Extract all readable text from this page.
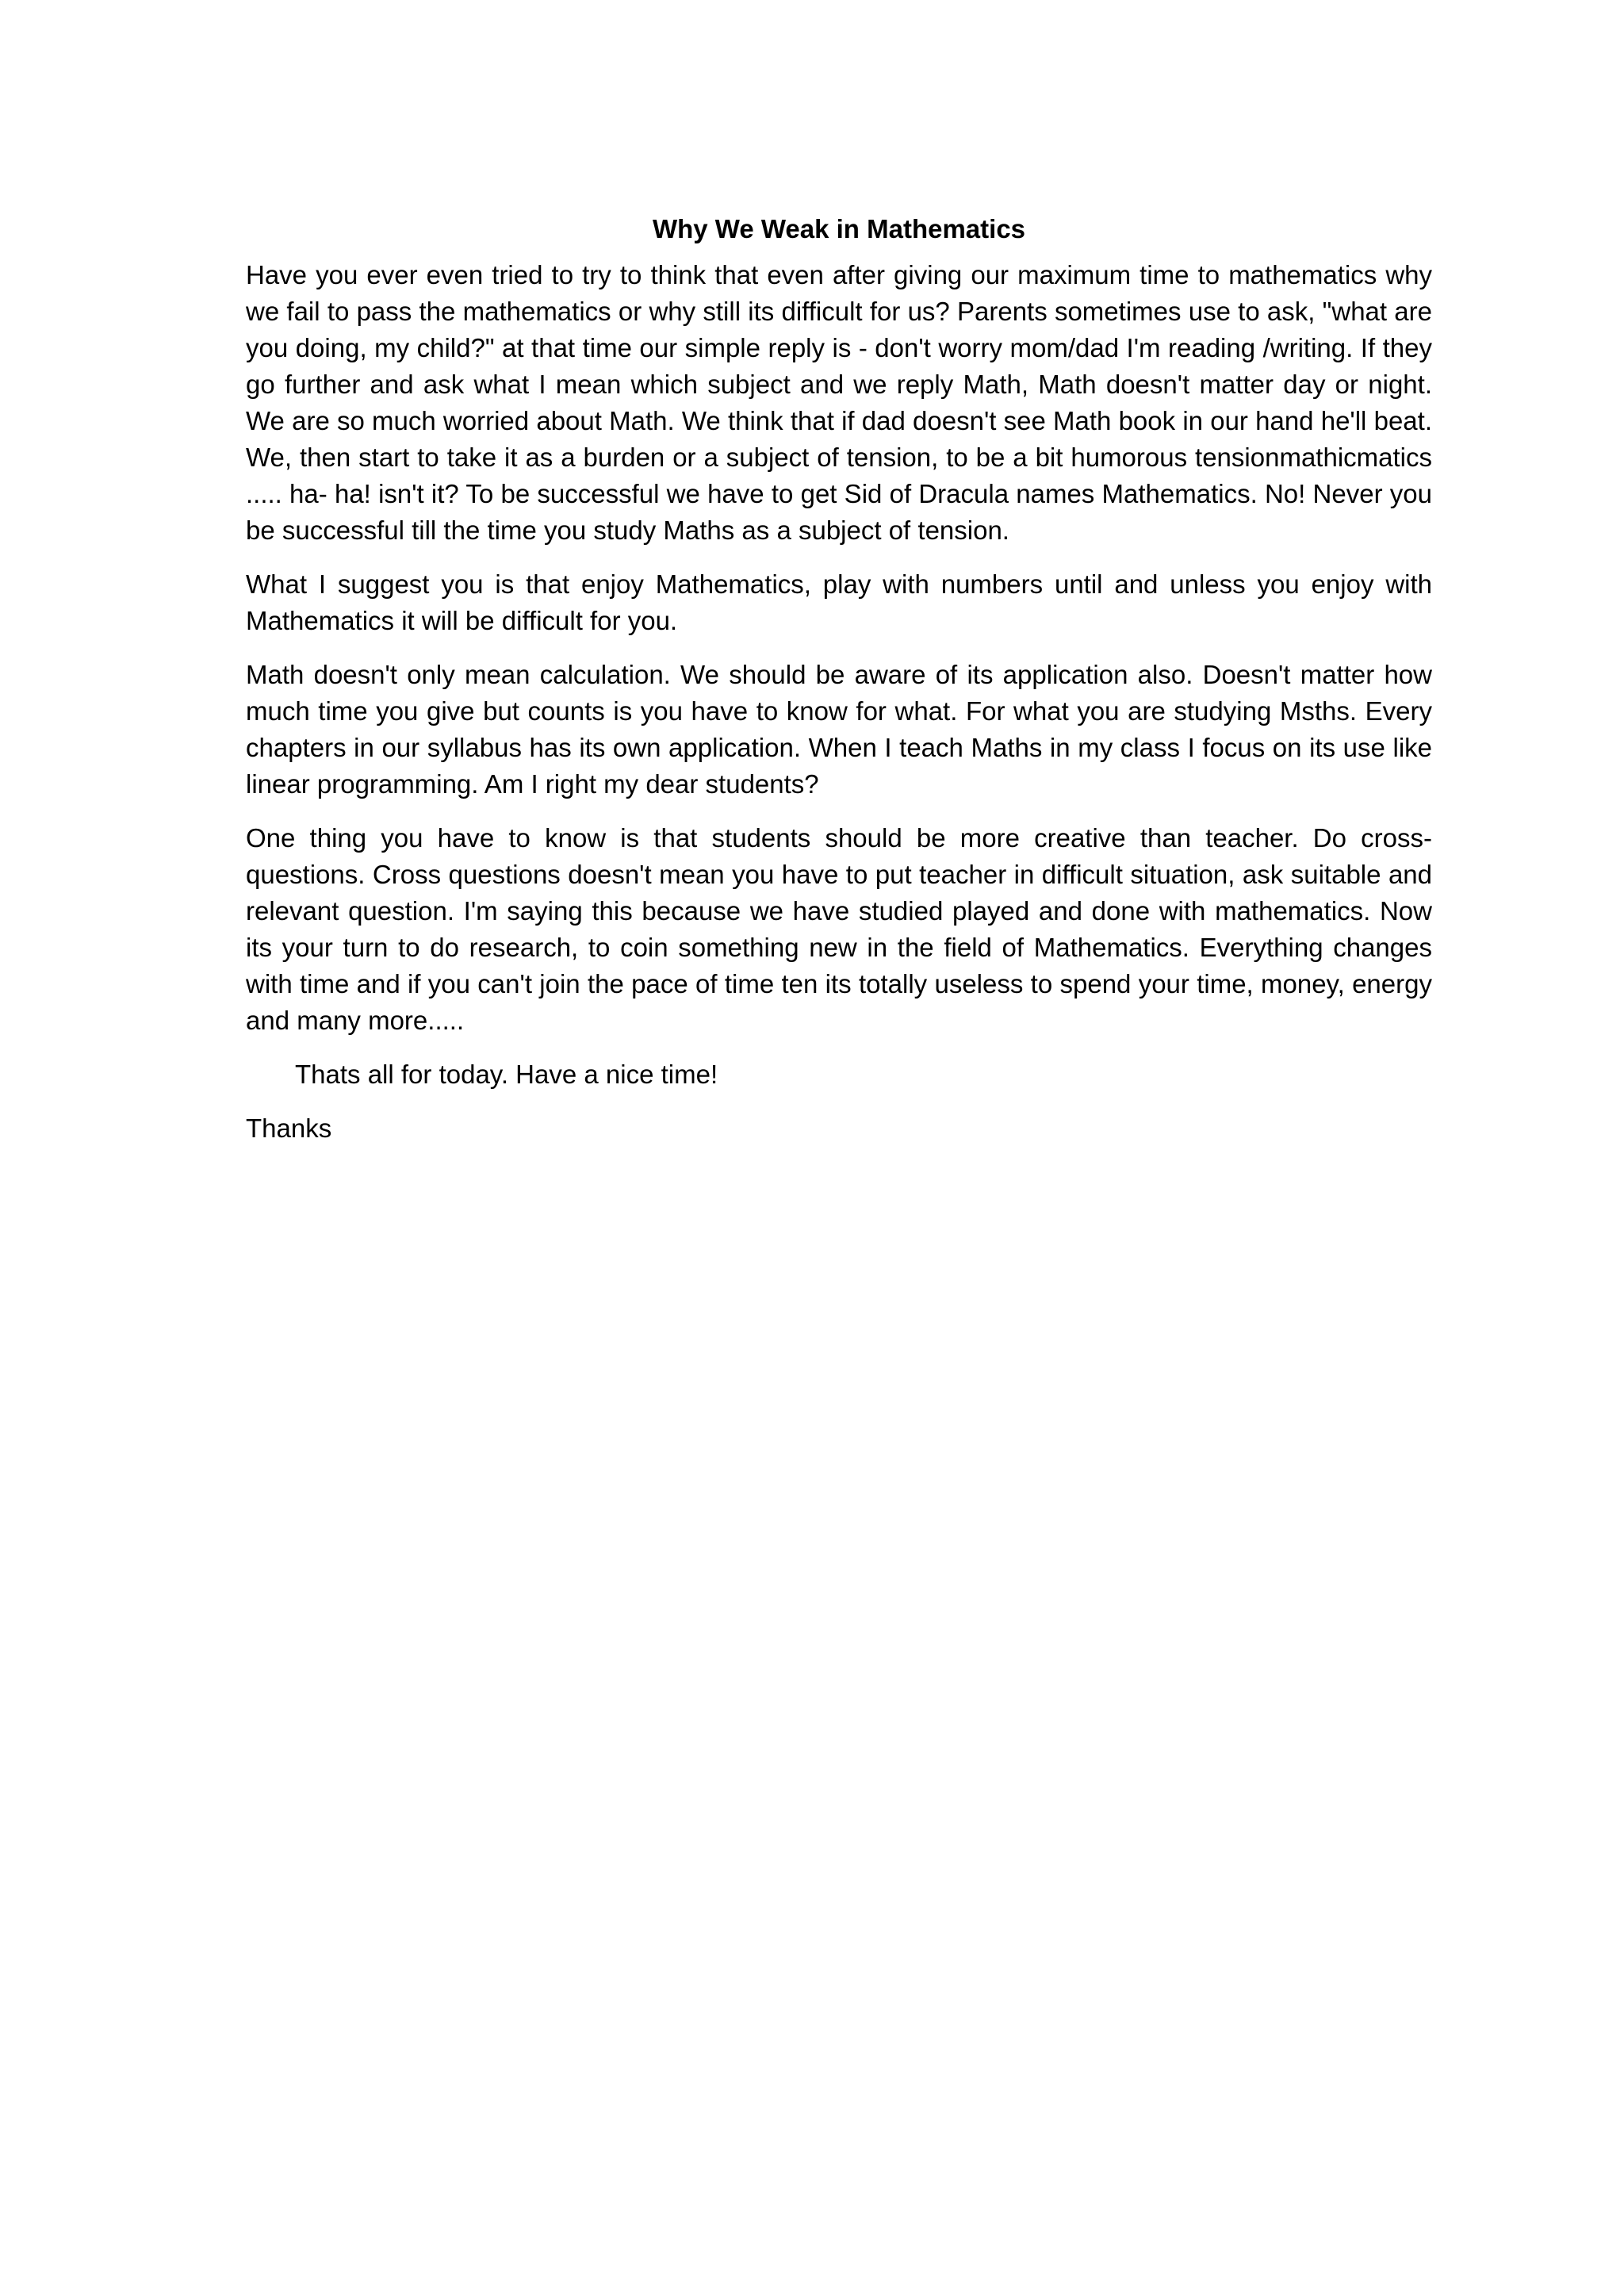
Why We Weak in Mathematics

Have you ever even tried to try to think that even after giving our maximum time to mathematics why we fail to pass the mathematics or why still its difficult for us? Parents sometimes use to ask, "what are you doing, my child?" at that time our simple reply is - don't worry mom/dad I'm reading /writing. If they go further and ask what I mean which subject and we reply Math, Math doesn't matter day or night. We are so much worried about Math. We think that if dad doesn't see Math book in our hand he'll beat. We, then start to take it as a burden or a subject of tension, to be a bit humorous tensionmathicmatics ..... ha- ha! isn't it? To be successful we have to get Sid of Dracula names Mathematics. No! Never you be successful till the time you study Maths as a subject of tension.

What I suggest you is that enjoy Mathematics, play with numbers until and unless you enjoy with Mathematics it will be difficult for you.

Math doesn't only mean calculation. We should be aware of its application also. Doesn't matter how much time you give but counts is you have to know for what. For what you are studying Msths. Every chapters in our syllabus has its own application. When I teach Maths in my class I focus on its use like linear programming. Am I right my dear students?

One thing you have to know is that students should be more creative than teacher. Do cross-questions. Cross questions doesn't mean you have to put teacher in difficult situation, ask suitable and relevant question. I'm saying this because we have studied played and done with mathematics. Now its your turn to do research, to coin something new in the field of Mathematics. Everything changes with time and if you can't join the pace of time ten its totally useless to spend your time, money, energy and many more.....

Thats all for today. Have a nice time!

Thanks
